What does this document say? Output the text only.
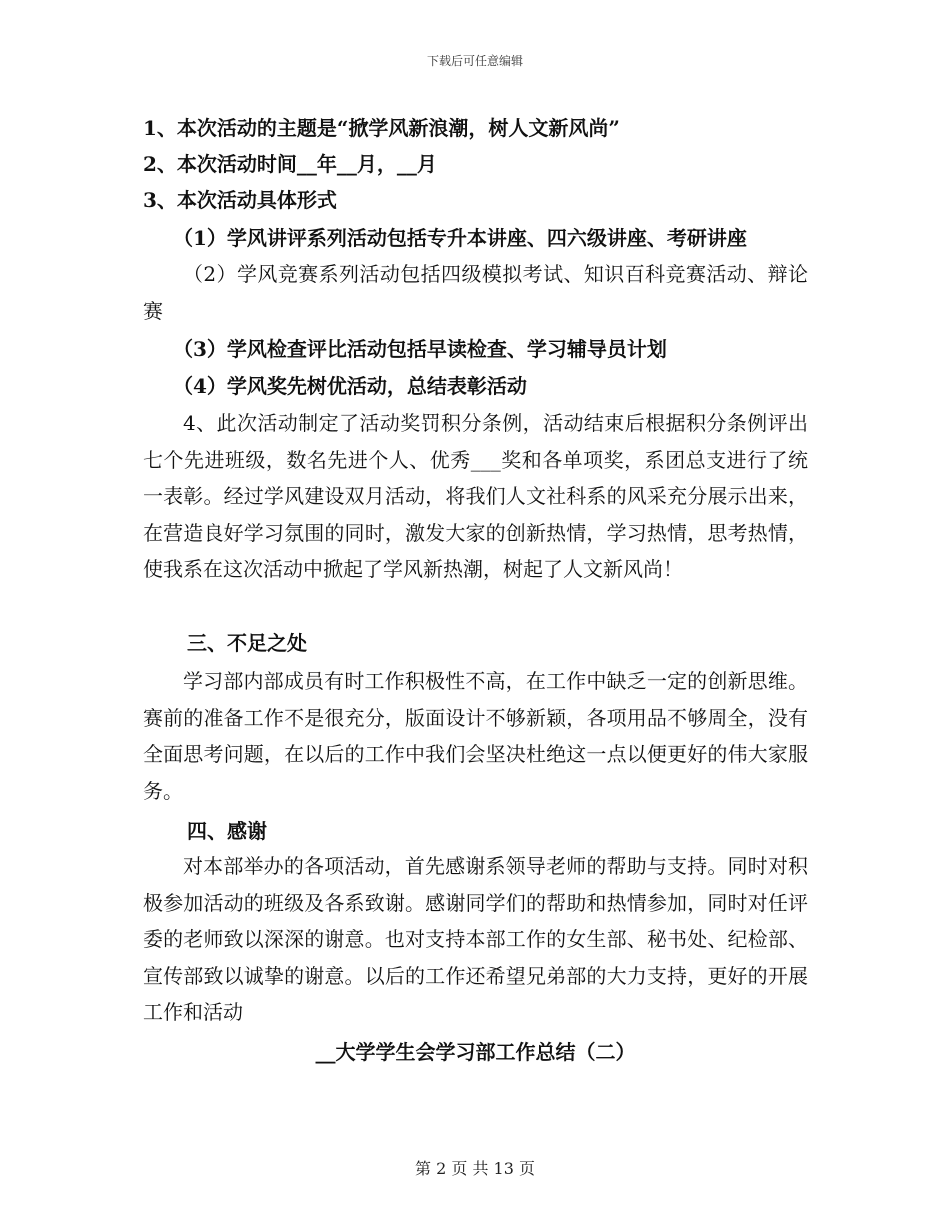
下载后可任意编辑
1、本次活动的主题是“掀学风新浪潮，树人文新风尚”
2、本次活动时间__年__月，__月
3、本次活动具体形式
（1）学风讲评系列活动包括专升本讲座、四六级讲座、考研讲座
（2）学风竞赛系列活动包括四级模拟考试、知识百科竞赛活动、辩论赛
（3）学风检查评比活动包括早读检查、学习辅导员计划
（4）学风奖先树优活动，总结表彰活动
4、此次活动制定了活动奖罚积分条例，活动结束后根据积分条例评出七个先进班级，数名先进个人、优秀___奖和各单项奖，系团总支进行了统一表彰。经过学风建设双月活动，将我们人文社科系的风采充分展示出来，在营造良好学习氛围的同时，激发大家的创新热情，学习热情，思考热情，使我系在这次活动中掀起了学风新热潮，树起了人文新风尚！
三、不足之处
学习部内部成员有时工作积极性不高，在工作中缺乏一定的创新思维。赛前的准备工作不是很充分，版面设计不够新颖，各项用品不够周全，没有全面思考问题，在以后的工作中我们会坚决杜绝这一点以便更好的伟大家服务。
四、感谢
对本部举办的各项活动，首先感谢系领导老师的帮助与支持。同时对积极参加活动的班级及各系致谢。感谢同学们的帮助和热情参加，同时对任评委的老师致以深深的谢意。也对支持本部工作的女生部、秘书处、纪检部、宣传部致以诚挚的谢意。以后的工作还希望兄弟部的大力支持，更好的开展工作和活动
__大学学生会学习部工作总结（二）
第 2 页 共 13 页
